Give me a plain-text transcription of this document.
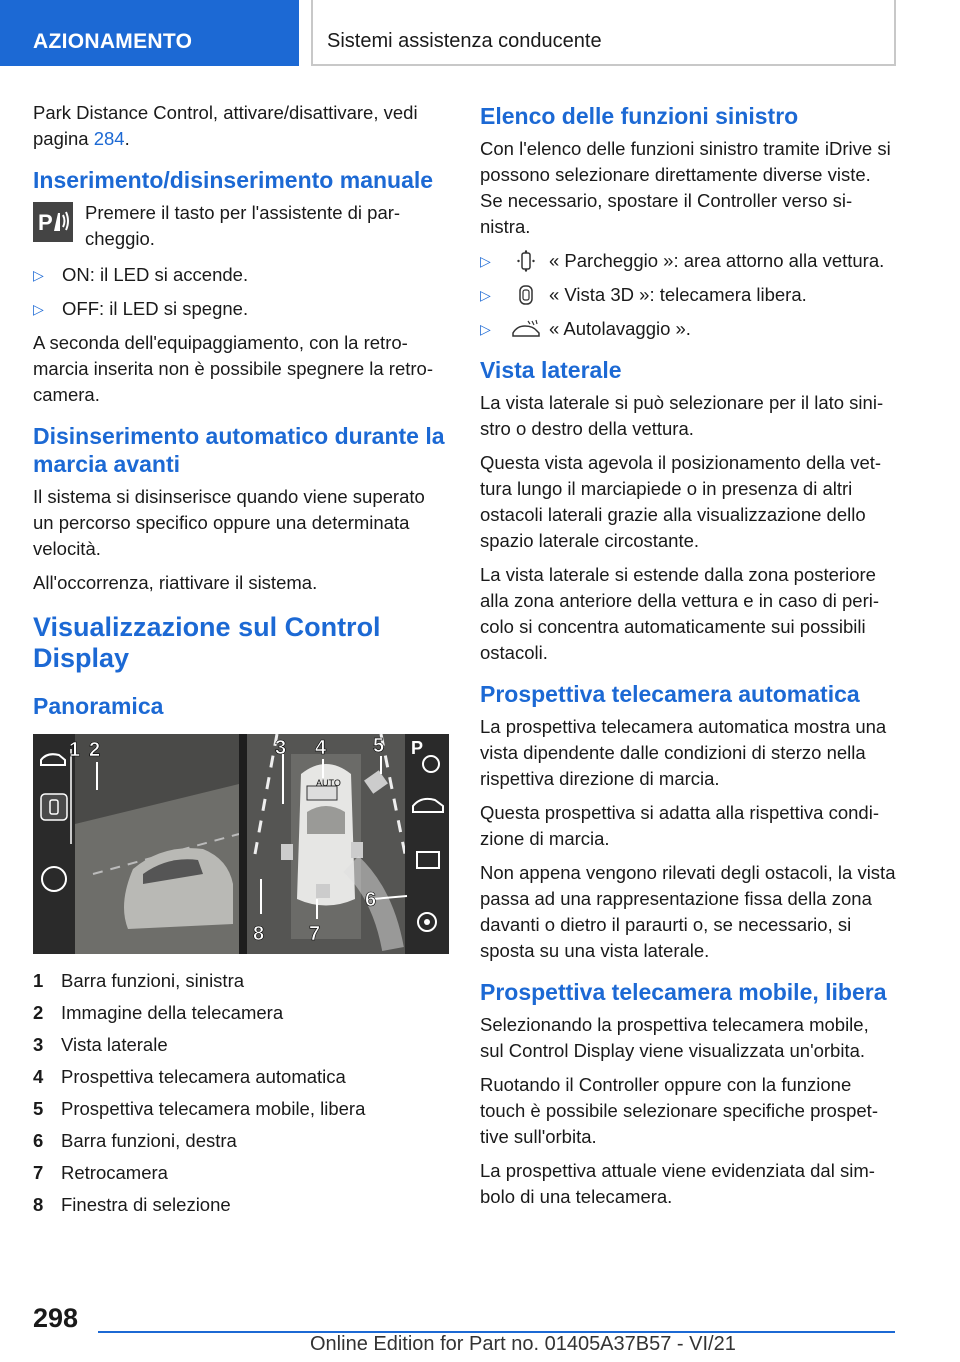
AZIONAMENTO	Sistemi assistenza conducente

Park Distance Control, attivare/disattivare, vedi pagina 284.

Inserimento/disinserimento manuale
P Premere il tasto per l'assistente di parcheggio.

▷ ON: il LED si accende.
▷ OFF: il LED si spegne.

A seconda dell'equipaggiamento, con la retromarcia inserita non è possibile spegnere la retrocamera.

Disinserimento automatico durante la marcia avanti

Il sistema si disinserisce quando viene superato un percorso specifico oppure una determinata velocità.

All'occorrenza, riattivare il sistema.

Visualizzazione sul Control Display
Panoramica
AUTO
P
1 2	3 4 5
6
7
8
1 Barra funzioni, sinistra
2 Immagine della telecamera
3 Vista laterale
4 Prospettiva telecamera automatica
5 Prospettiva telecamera mobile, libera
6 Barra funzioni, destra
7 Retrocamera
8 Finestra di selezione
Elenco delle funzioni sinistro

Con l'elenco delle funzioni sinistro tramite iDrive si possono selezionare direttamente diverse viste. Se necessario, spostare il Controller verso sinistra.

▷	« Parcheggio »: area attorno alla vettura.
▷	« Vista 3D »: telecamera libera.
▷	« Autolavaggio ».
Vista laterale

La vista laterale si può selezionare per il lato sinistro o destro della vettura.

Questa vista agevola il posizionamento della vettura lungo il marciapiede o in presenza di altri ostacoli laterali grazie alla visualizzazione dello spazio laterale circostante.

La vista laterale si estende dalla zona posteriore alla zona anteriore della vettura e in caso di pericolo si concentra automaticamente sui possibili ostacoli.

Prospettiva telecamera automatica

La prospettiva telecamera automatica mostra una vista dipendente dalle condizioni di sterzo nella rispettiva direzione di marcia.

Questa prospettiva si adatta alla rispettiva condizione di marcia.

Non appena vengono rilevati degli ostacoli, la vista passa ad una rappresentazione fissa della zona davanti o dietro il paraurti o, se necessario, si sposta su una vista laterale.

Prospettiva telecamera mobile, libera

Selezionando la prospettiva telecamera mobile, sul Control Display viene visualizzata un'orbita.

Ruotando il Controller oppure con la funzione touch è possibile selezionare specifiche prospettive sull'orbita.

La prospettiva attuale viene evidenziata dal simbolo di una telecamera.

298
Online Edition for Part no. 01405A37B57 - VI/21
